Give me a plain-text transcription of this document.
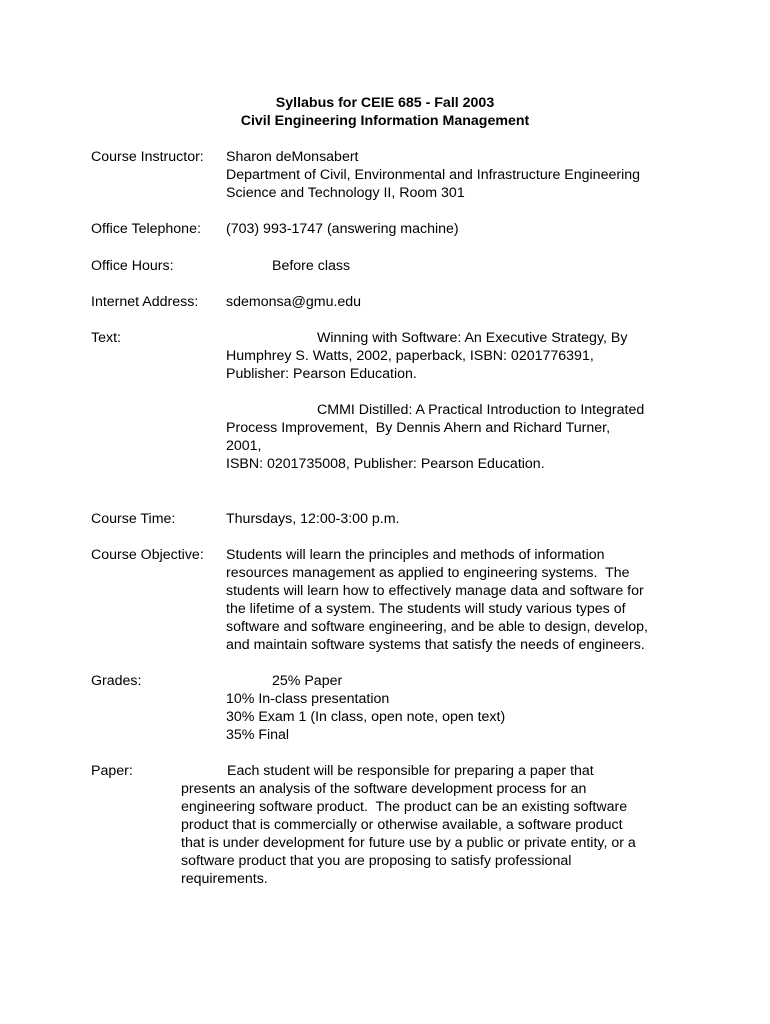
Syllabus for CEIE 685 - Fall 2003
Civil Engineering Information Management
Course Instructor: Sharon deMonsabert
Department of Civil, Environmental and Infrastructure Engineering
Science and Technology II, Room 301
Office Telephone: (703) 993-1747 (answering machine)
Office Hours:	Before class
Internet Address: sdemonsa@gmu.edu
Text:	Winning with Software: An Executive Strategy, By
Humphrey S. Watts, 2002, paperback, ISBN: 0201776391,
Publisher: Pearson Education.
CMMI Distilled: A Practical Introduction to Integrated
Process Improvement,  By Dennis Ahern and Richard Turner,
2001,
ISBN: 0201735008, Publisher: Pearson Education.
Course Time:	Thursdays, 12:00-3:00 p.m.
Course Objective: Students will learn the principles and methods of information
resources management as applied to engineering systems.  The
students will learn how to effectively manage data and software for
the lifetime of a system. The students will study various types of
software and software engineering, and be able to design, develop,
and maintain software systems that satisfy the needs of engineers.
Grades:	25% Paper
10% In-class presentation
30% Exam 1 (In class, open note, open text)
35% Final
Paper:	Each student will be responsible for preparing a paper that
presents an analysis of the software development process for an
engineering software product.  The product can be an existing software
product that is commercially or otherwise available, a software product
that is under development for future use by a public or private entity, or a
software product that you are proposing to satisfy professional
requirements.
